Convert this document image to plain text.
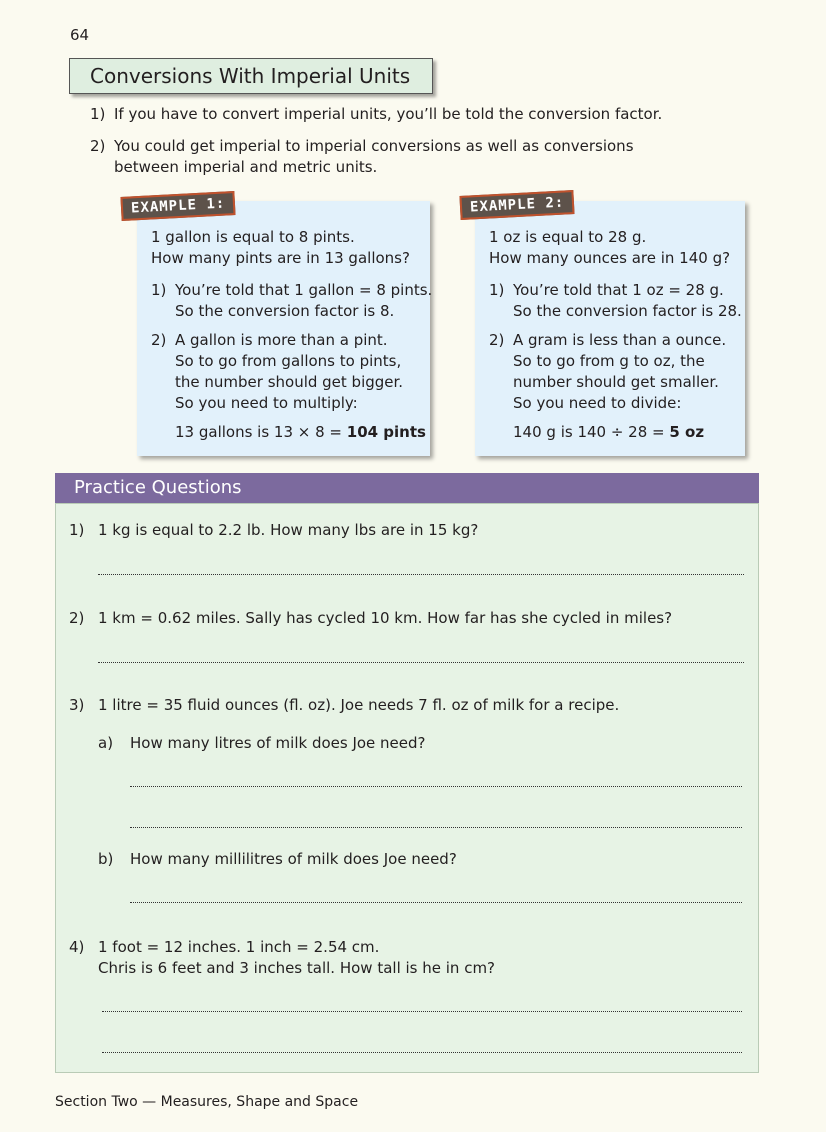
64
Conversions With Imperial Units
1) If you have to convert imperial units, you’ll be told the conversion factor.
2) You could get imperial to imperial conversions as well as conversions between imperial and metric units.
1 gallon is equal to 8 pints.
How many pints are in 13 gallons?
1) You’re told that 1 gallon = 8 pints.
So the conversion factor is 8.
2) A gallon is more than a pint.
So to go from gallons to pints,
the number should get bigger.
So you need to multiply:
13 gallons is 13 × 8 = 104 pints
EXAMPLE 1:
1 oz is equal to 28 g.
How many ounces are in 140 g?
1) You’re told that 1 oz = 28 g.
So the conversion factor is 28.
2) A gram is less than a ounce.
So to go from g to oz, the
number should get smaller.
So you need to divide:
140 g is 140 ÷ 28 = 5 oz
EXAMPLE 2:
Practice Questions
1) 1 kg is equal to 2.2 lb. How many lbs are in 15 kg?
2) 1 km = 0.62 miles. Sally has cycled 10 km. How far has she cycled in miles?
3) 1 litre = 35 fluid ounces (fl. oz). Joe needs 7 fl. oz of milk for a recipe.
a) How many litres of milk does Joe need?
b) How many millilitres of milk does Joe need?
4) 1 foot = 12 inches. 1 inch = 2.54 cm.
Chris is 6 feet and 3 inches tall. How tall is he in cm?
Section Two — Measures, Shape and Space
